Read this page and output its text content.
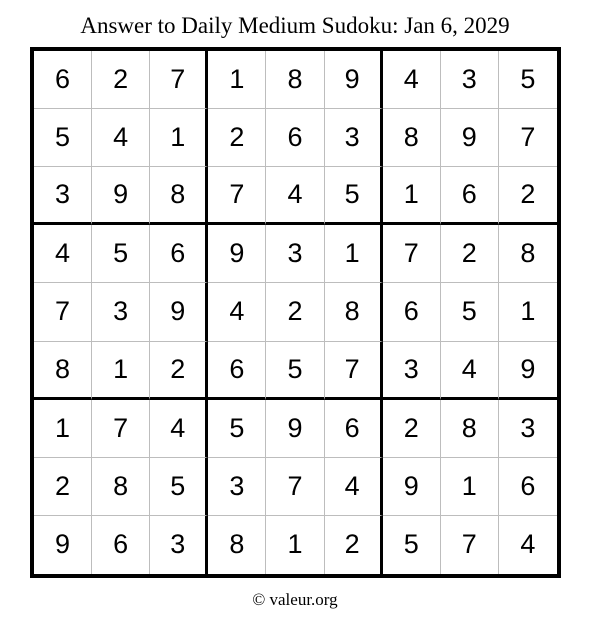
Answer to Daily Medium Sudoku: Jan 6, 2029
6	2	7	1	8	9	4	3	5
5	4	1	2	6	3	8	9	7
3	9	8	7	4	5	1	6	2
4	5	6	9	3	1	7	2	8
7	3	9	4	2	8	6	5	1
8	1	2	6	5	7	3	4	9
1	7	4	5	9	6	2	8	3
2	8	5	3	7	4	9	1	6
9	6	3	8	1	2	5	7	4
© valeur.org
